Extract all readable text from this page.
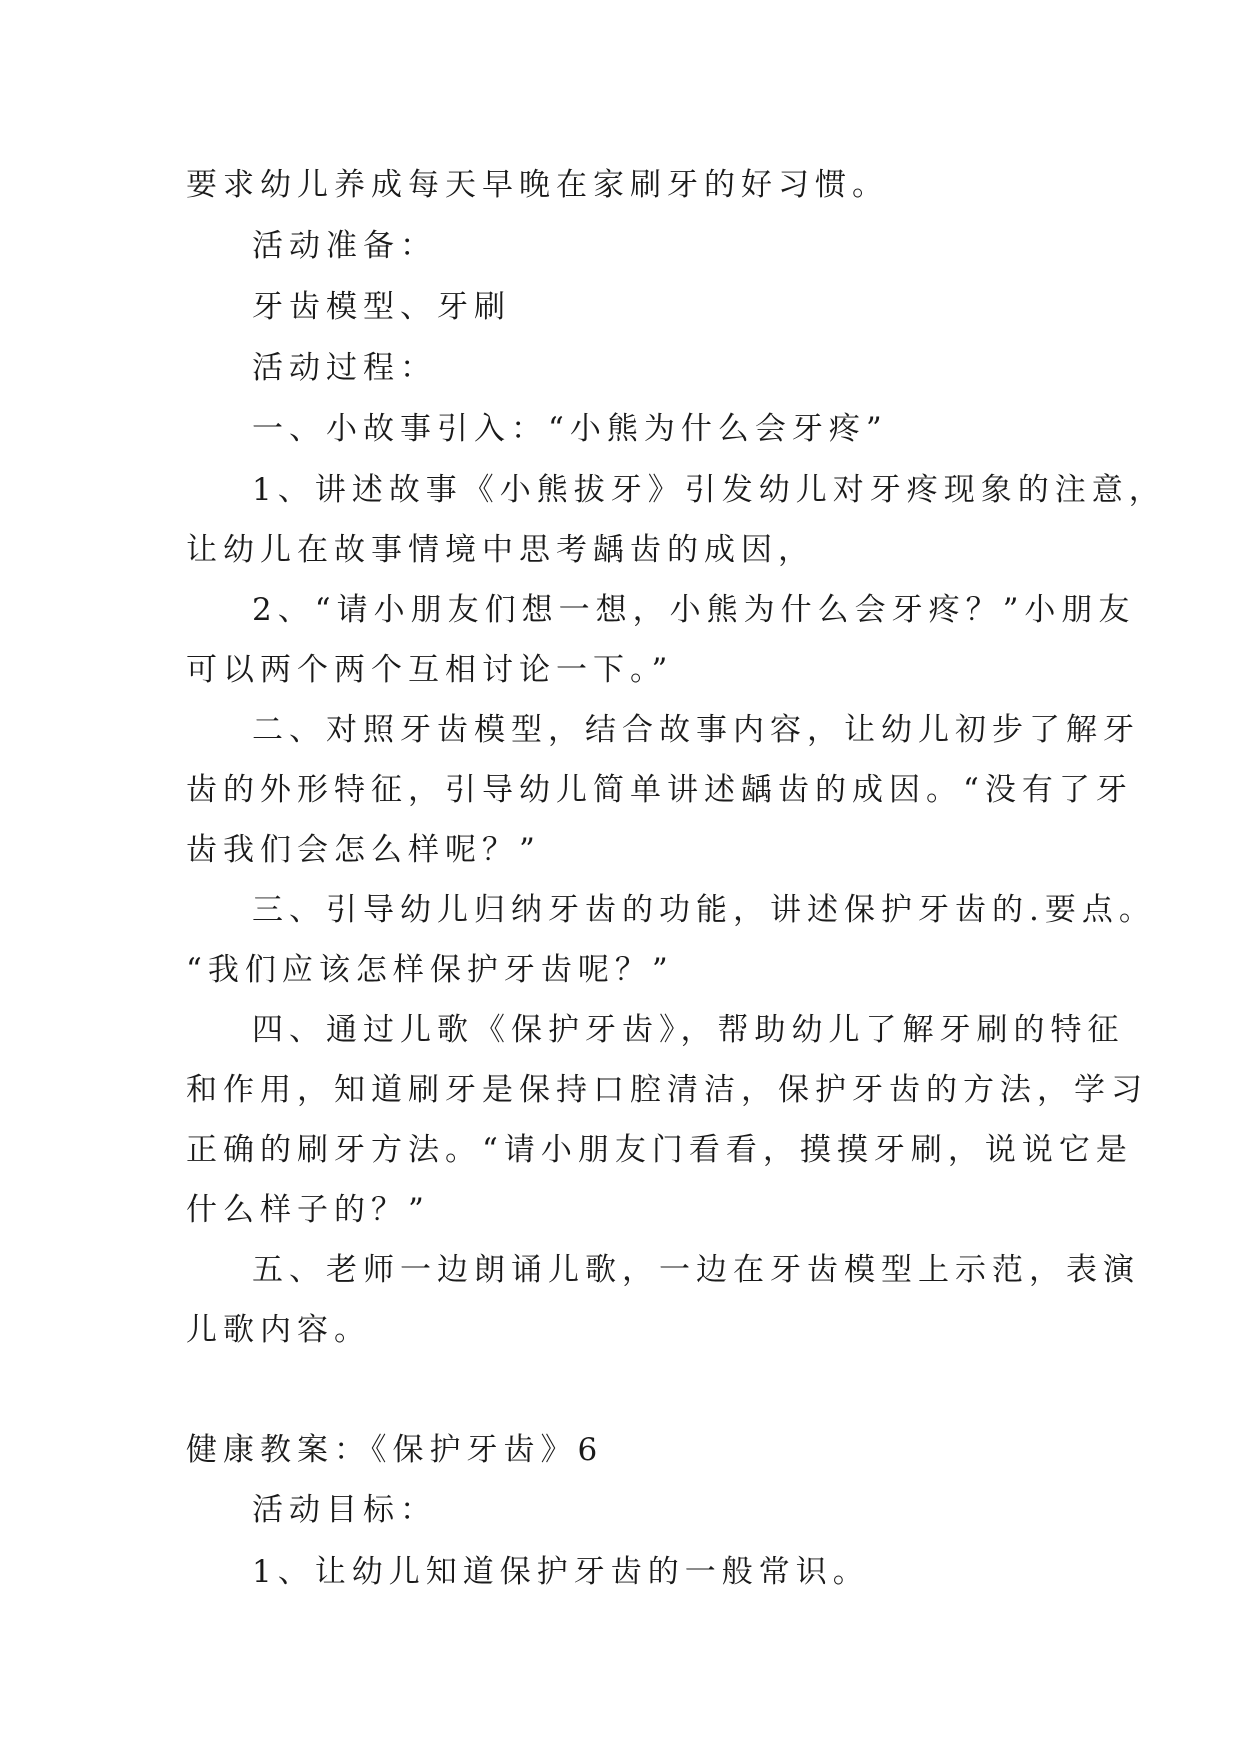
要求幼儿养成每天早晚在家刷牙的好习惯。
活动准备：
牙齿模型、牙刷
活动过程：
一、小故事引入：“小熊为什么会牙疼”
1、讲述故事《小熊拔牙》引发幼儿对牙疼现象的注意，
让幼儿在故事情境中思考龋齿的成因，
2、“请小朋友们想一想，小熊为什么会牙疼？”小朋友
可以两个两个互相讨论一下。”
二、对照牙齿模型，结合故事内容，让幼儿初步了解牙
齿的外形特征，引导幼儿简单讲述龋齿的成因。“没有了牙
齿我们会怎么样呢？”
三、引导幼儿归纳牙齿的功能，讲述保护牙齿的.要点。
“我们应该怎样保护牙齿呢？”
四、通过儿歌《保护牙齿》，帮助幼儿了解牙刷的特征
和作用，知道刷牙是保持口腔清洁，保护牙齿的方法，学习
正确的刷牙方法。“请小朋友门看看，摸摸牙刷，说说它是
什么样子的？”
五、老师一边朗诵儿歌，一边在牙齿模型上示范，表演
儿歌内容。
健康教案：《保护牙齿》6
活动目标：
1、让幼儿知道保护牙齿的一般常识。
